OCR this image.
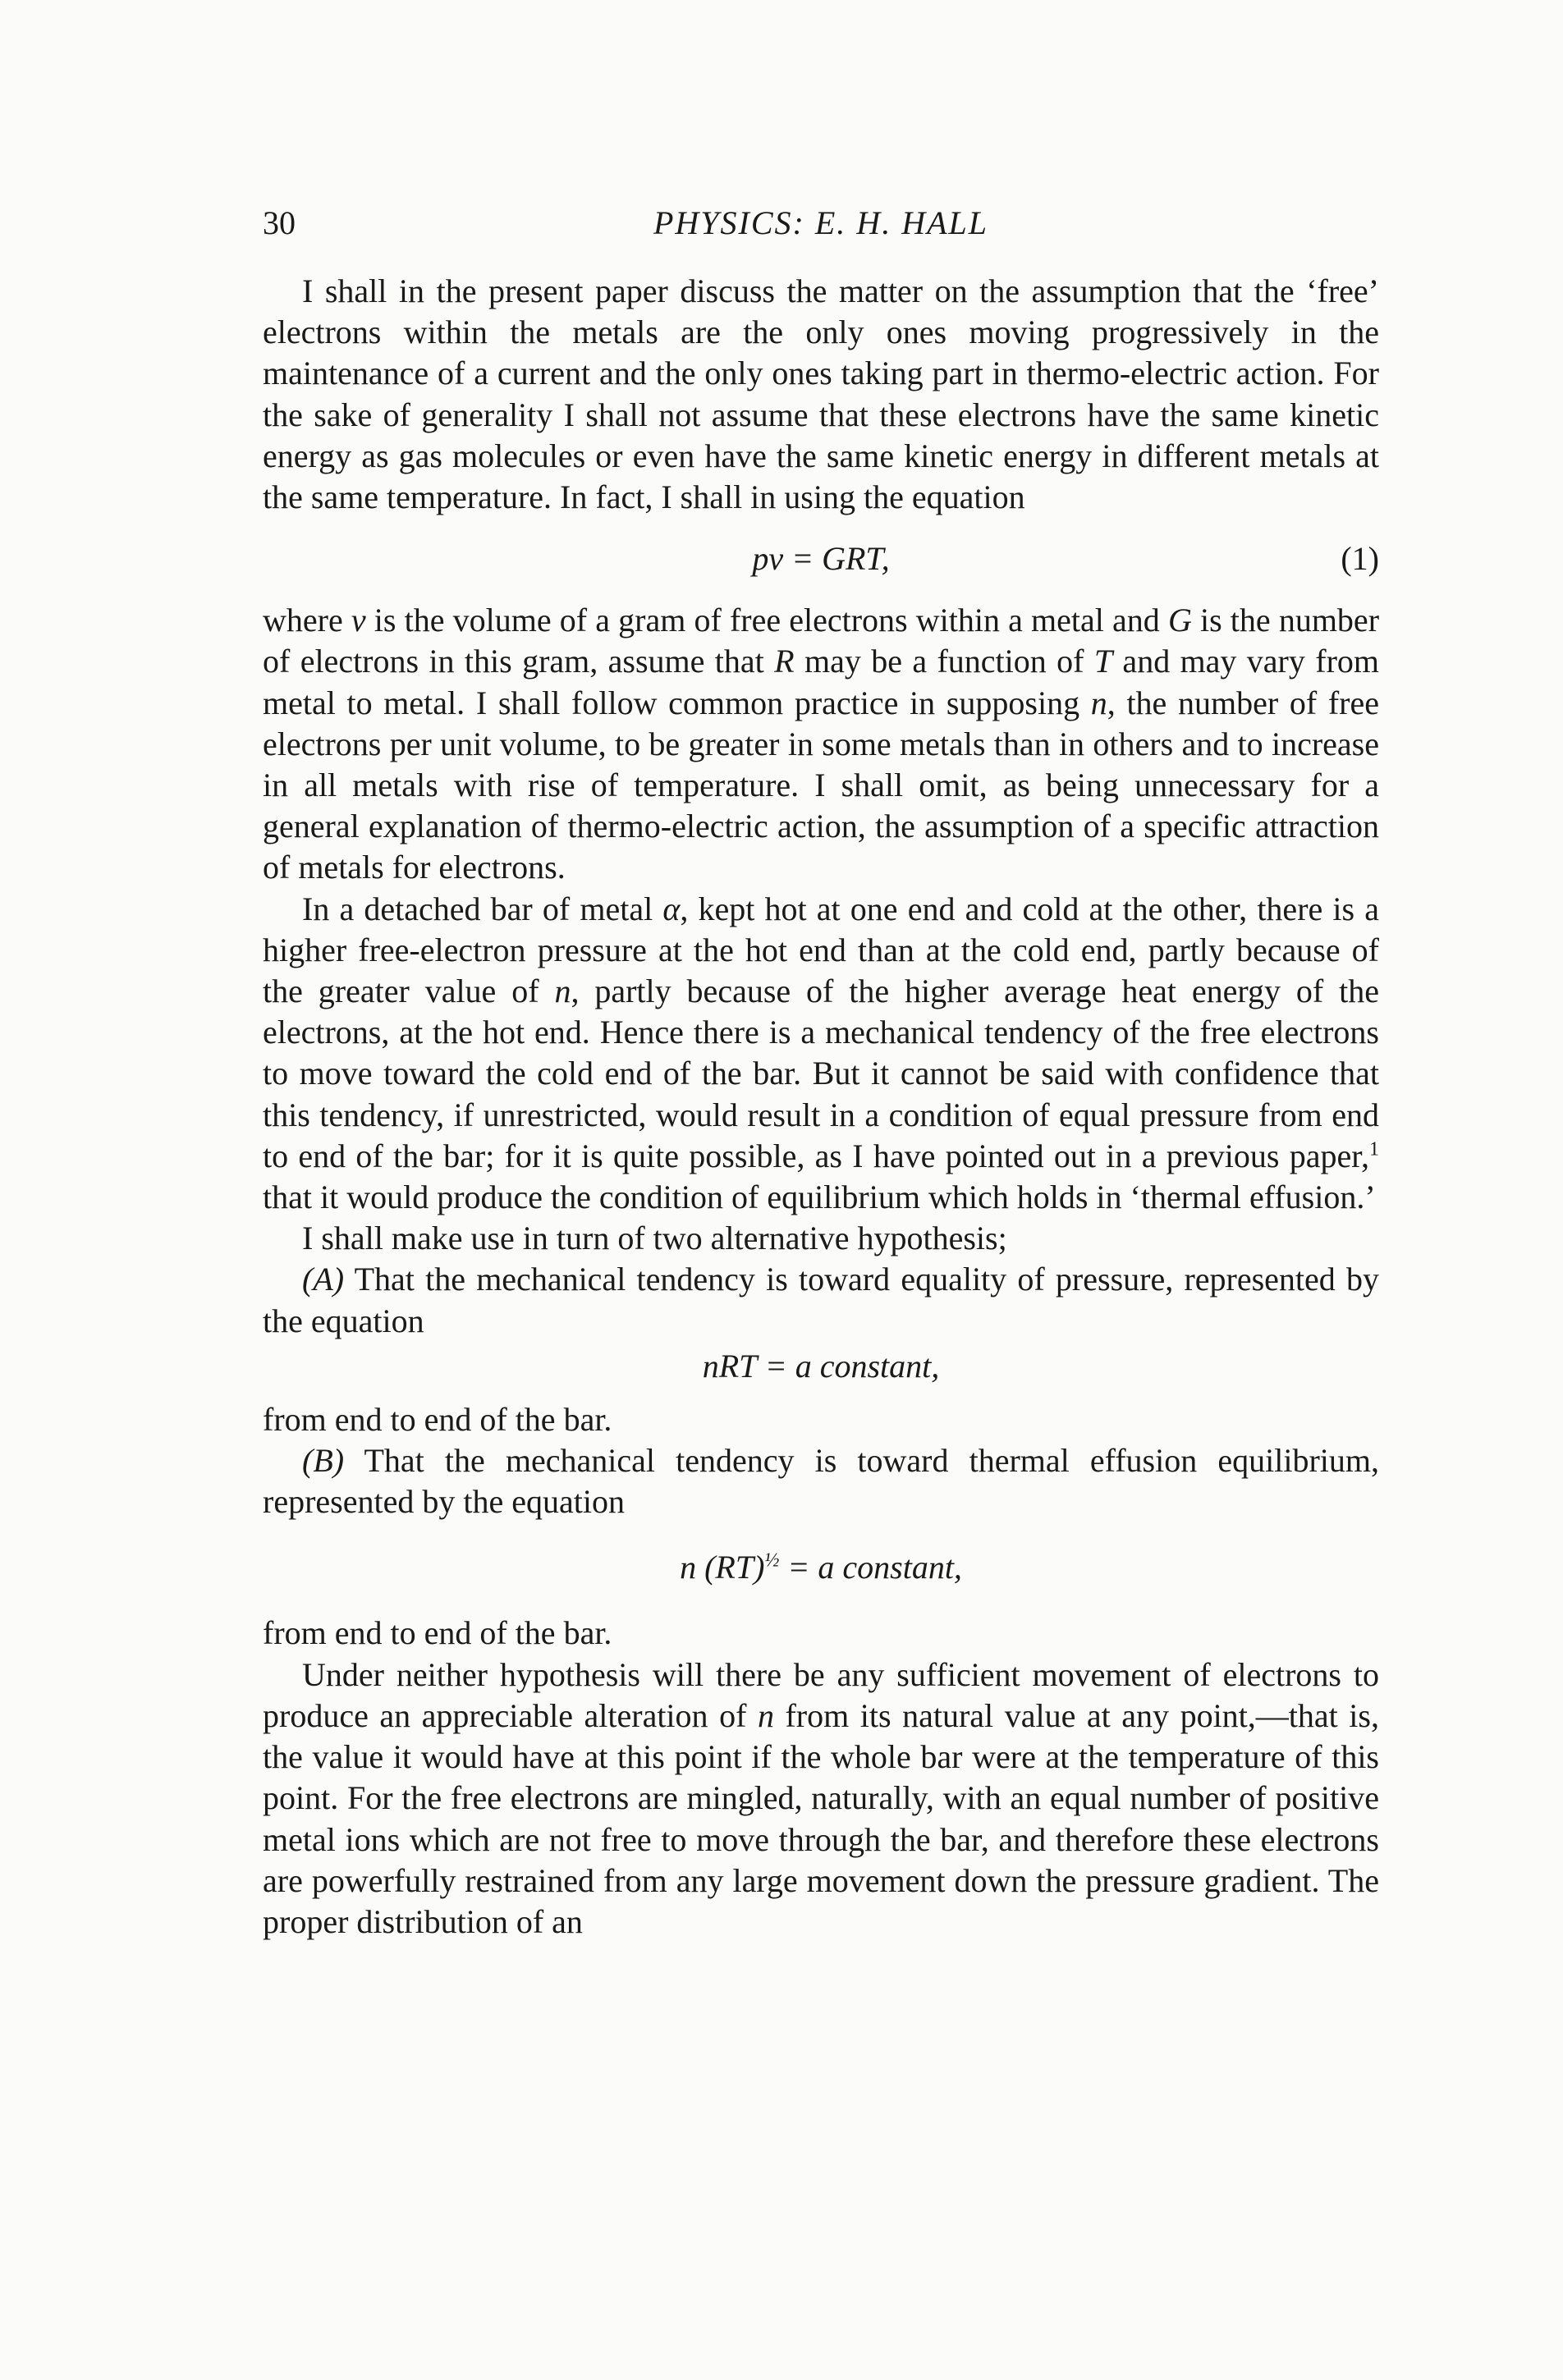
30	PHYSICS: E. H. HALL

I shall in the present paper discuss the matter on the assumption that the ‘free’ electrons within the metals are the only ones moving progressively in the maintenance of a current and the only ones taking part in thermo-electric action. For the sake of generality I shall not assume that these electrons have the same kinetic energy as gas molecules or even have the same kinetic energy in different metals at the same temperature. In fact, I shall in using the equation

pv = GRT,	(1)

where v is the volume of a gram of free electrons within a metal and G is the number of electrons in this gram, assume that R may be a function of T and may vary from metal to metal. I shall follow common practice in supposing n, the number of free electrons per unit volume, to be greater in some metals than in others and to increase in all metals with rise of temperature. I shall omit, as being unnecessary for a general explanation of thermo-electric action, the assumption of a specific attraction of metals for electrons.

In a detached bar of metal α, kept hot at one end and cold at the other, there is a higher free-electron pressure at the hot end than at the cold end, partly because of the greater value of n, partly because of the higher average heat energy of the electrons, at the hot end. Hence there is a mechanical tendency of the free electrons to move toward the cold end of the bar. But it cannot be said with confidence that this tendency, if unrestricted, would result in a condition of equal pressure from end to end of the bar; for it is quite possible, as I have pointed out in a previous paper,$^1$ that it would produce the condition of equilibrium which holds in ‘thermal effusion.’

I shall make use in turn of two alternative hypothesis;

(A) That the mechanical tendency is toward equality of pressure, represented by the equation

nRT = a constant,

from end to end of the bar.

(B) That the mechanical tendency is toward thermal effusion equilibrium, represented by the equation

n (RT)$^{\frac{1}{2}}$ = a constant,

from end to end of the bar.

Under neither hypothesis will there be any sufficient movement of electrons to produce an appreciable alteration of n from its natural value at any point,—that is, the value it would have at this point if the whole bar were at the temperature of this point. For the free electrons are mingled, naturally, with an equal number of positive metal ions which are not free to move through the bar, and therefore these electrons are powerfully restrained from any large movement down the pressure gradient. The proper distribution of an
